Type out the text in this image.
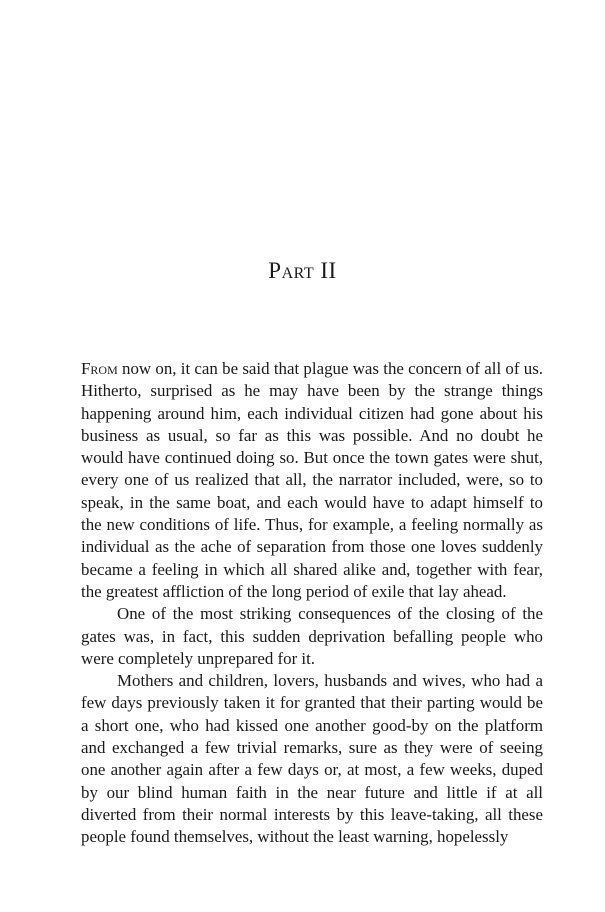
Part II

From now on, it can be said that plague was the concern of all of us. Hitherto, surprised as he may have been by the strange things happening around him, each individual citizen had gone about his business as usual, so far as this was possible. And no doubt he would have continued doing so. But once the town gates were shut, every one of us realized that all, the narrator included, were, so to speak, in the same boat, and each would have to adapt himself to the new conditions of life. Thus, for example, a feeling normally as individual as the ache of separation from those one loves suddenly became a feeling in which all shared alike and, together with fear, the greatest affliction of the long period of exile that lay ahead.

One of the most striking consequences of the closing of the gates was, in fact, this sudden deprivation befalling people who were completely unprepared for it.

Mothers and children, lovers, husbands and wives, who had a few days previously taken it for granted that their parting would be a short one, who had kissed one another good-by on the platform and exchanged a few trivial remarks, sure as they were of seeing one another again after a few days or, at most, a few weeks, duped by our blind human faith in the near future and little if at all diverted from their normal interests by this leave-taking, all these people found themselves, without the least warning, hopelessly
